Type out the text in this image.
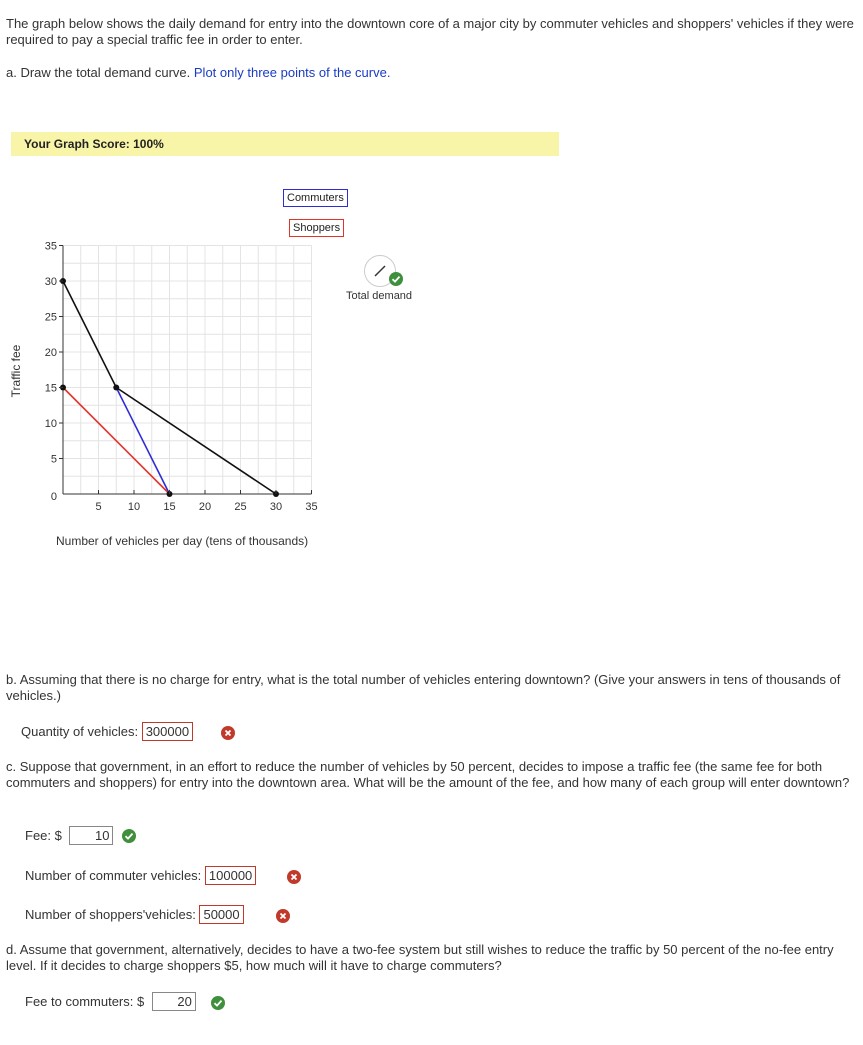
The graph below shows the daily demand for entry into the downtown core of a major city by commuter vehicles and shoppers' vehicles if they were required to pay a special traffic fee in order to enter.
a. Draw the total demand curve. Plot only three points of the curve.
Your Graph Score: 100%
Commuters
Shoppers
Total demand
Traffic fee
5 10 15 20 25 30 35
0
5
10
15
20
25
30
35
Number of vehicles per day (tens of thousands)
b. Assuming that there is no charge for entry, what is the total number of vehicles entering downtown? (Give your answers in tens of thousands of vehicles.)
Quantity of vehicles: 300000
c. Suppose that government, in an effort to reduce the number of vehicles by 50 percent, decides to impose a traffic fee (the same fee for both commuters and shoppers) for entry into the downtown area. What will be the amount of the fee, and how many of each group will enter downtown?
Fee: $	10
Number of commuter vehicles: 100000
Number of shoppers'vehicles: 50000
d. Assume that government, alternatively, decides to have a two-fee system but still wishes to reduce the traffic by 50 percent of the no-fee entry level. If it decides to charge shoppers $5, how much will it have to charge commuters?
Fee to commuters: $	20
